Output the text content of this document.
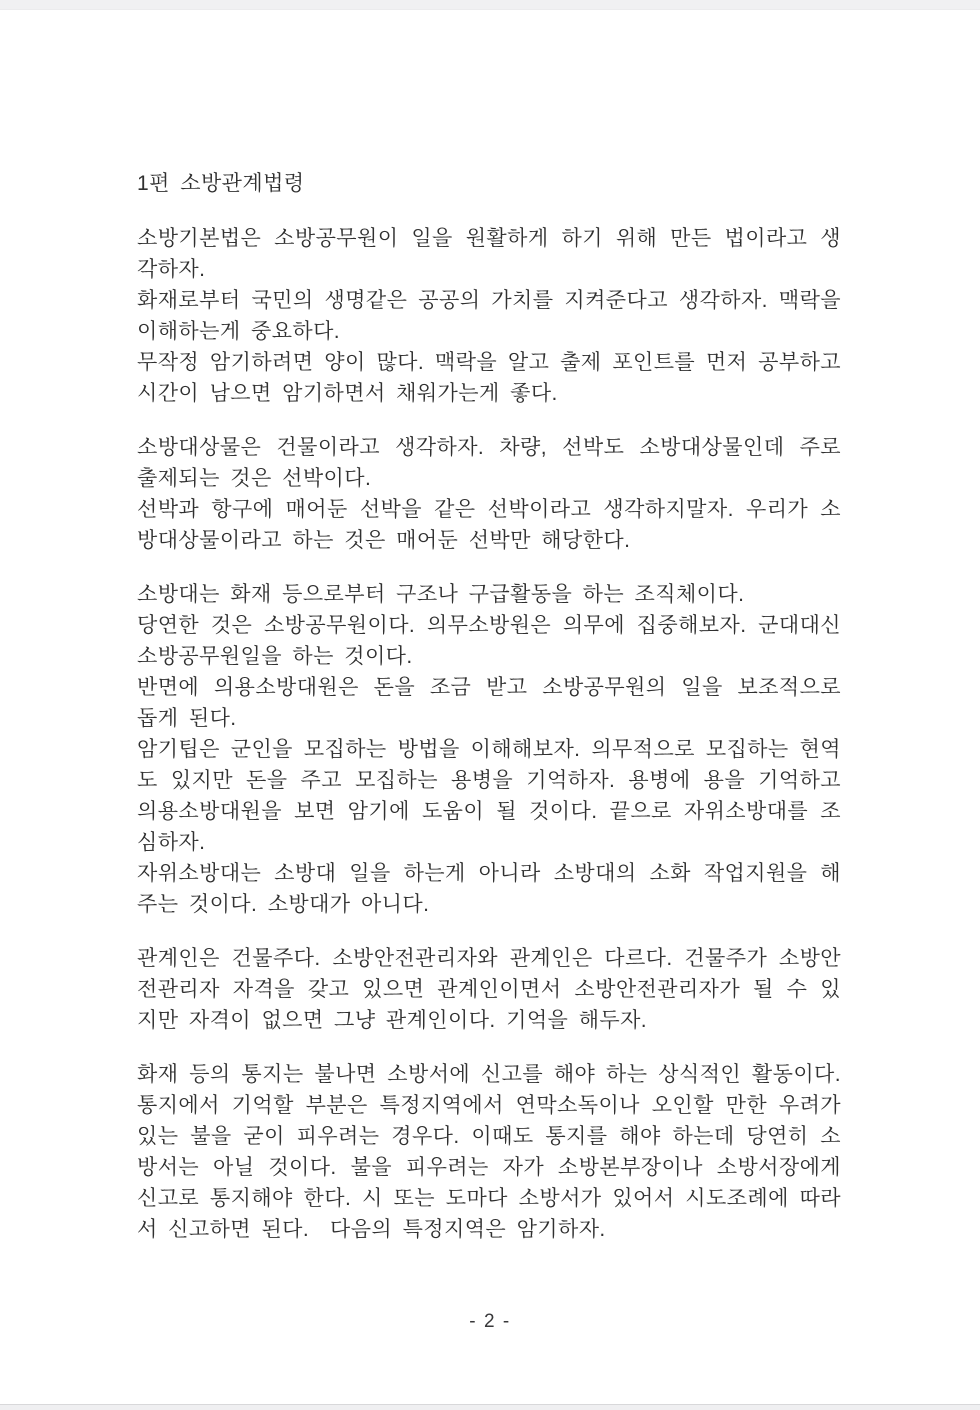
1편 소방관계법령
소방기본법은 소방공무원이 일을 원활하게 하기 위해 만든 법이라고 생각하자.
화재로부터 국민의 생명같은 공공의 가치를 지켜준다고 생각하자. 맥락을 이해하는게 중요하다.
무작정 암기하려면 양이 많다. 맥락을 알고 출제 포인트를 먼저 공부하고 시간이 남으면 암기하면서 채워가는게 좋다.
소방대상물은 건물이라고 생각하자. 차량, 선박도 소방대상물인데 주로 출제되는 것은 선박이다.
선박과 항구에 매어둔 선박을 같은 선박이라고 생각하지말자. 우리가 소방대상물이라고 하는 것은 매어둔 선박만 해당한다.
소방대는 화재 등으로부터 구조나 구급활동을 하는 조직체이다.
당연한 것은 소방공무원이다. 의무소방원은 의무에 집중해보자. 군대대신 소방공무원일을 하는 것이다.
반면에 의용소방대원은 돈을 조금 받고 소방공무원의 일을 보조적으로 돕게 된다.
암기팁은 군인을 모집하는 방법을 이해해보자. 의무적으로 모집하는 현역도 있지만 돈을 주고 모집하는 용병을 기억하자. 용병에 용을 기억하고 의용소방대원을 보면 암기에 도움이 될 것이다. 끝으로 자위소방대를 조심하자.
자위소방대는 소방대 일을 하는게 아니라 소방대의 소화 작업지원을 해주는 것이다. 소방대가 아니다.
관계인은 건물주다. 소방안전관리자와 관계인은 다르다. 건물주가 소방안전관리자 자격을 갖고 있으면 관계인이면서 소방안전관리자가 될 수 있지만 자격이 없으면 그냥 관계인이다. 기억을 해두자.
화재 등의 통지는 불나면 소방서에 신고를 해야 하는 상식적인 활동이다. 통지에서 기억할 부분은 특정지역에서 연막소독이나 오인할 만한 우려가 있는 불을 굳이 피우려는 경우다. 이때도 통지를 해야 하는데 당연히 소방서는 아닐 것이다. 불을 피우려는 자가 소방본부장이나 소방서장에게 신고로 통지해야 한다. 시 또는 도마다 소방서가 있어서 시도조례에 따라서 신고하면 된다.  다음의 특정지역은 암기하자.
- 2 -
